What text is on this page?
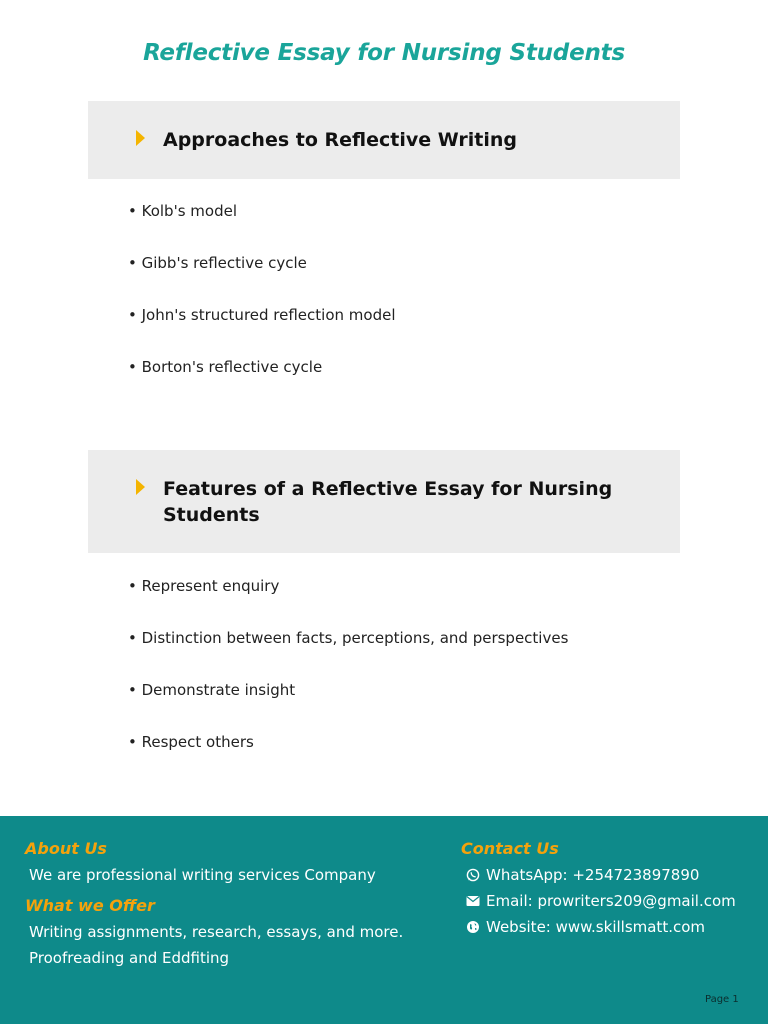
Reflective Essay for Nursing Students
Approaches to Reflective Writing
• Kolb's model
• Gibb's reflective cycle
• John's structured reflection model
• Borton's reflective cycle
Features of a Reflective Essay for Nursing
Students
• Represent enquiry
• Distinction between facts, perceptions, and perspectives
• Demonstrate insight
• Respect others
About Us
We are professional writing services Company
What we Offer
Writing assignments, research, essays, and more.
Proofreading and Eddfiting
Contact Us
WhatsApp: +254723897890
Email: prowriters209@gmail.com
Website: www.skillsmatt.com
Page 1
